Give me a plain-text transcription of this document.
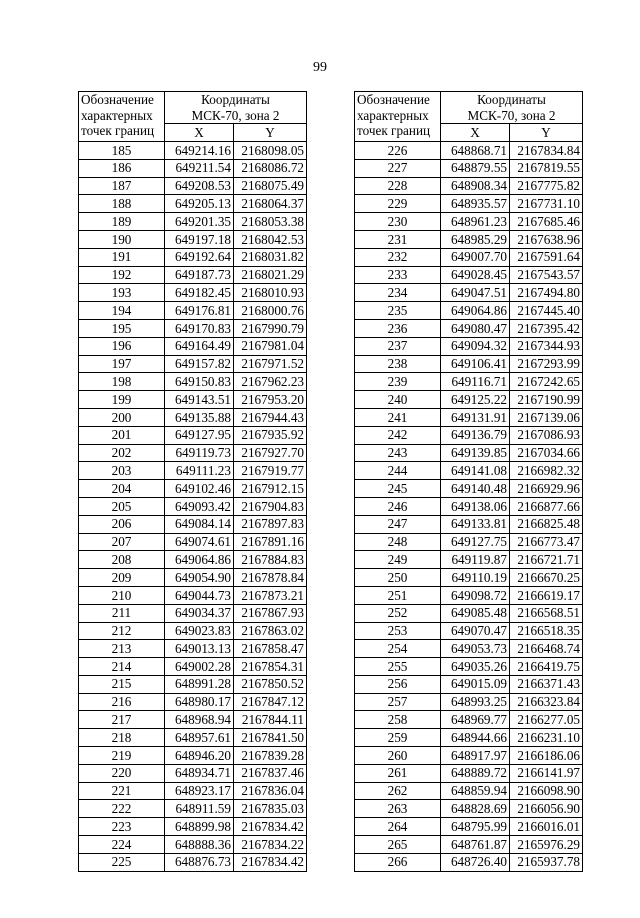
99
Обозначение
характерных
точек границ	Координаты
МСК-70, зона 2	
	X	Y
185	649214.16	2168098.05
186	649211.54	2168086.72
187	649208.53	2168075.49
188	649205.13	2168064.37
189	649201.35	2168053.38
190	649197.18	2168042.53
191	649192.64	2168031.82
192	649187.73	2168021.29
193	649182.45	2168010.93
194	649176.81	2168000.76
195	649170.83	2167990.79
196	649164.49	2167981.04
197	649157.82	2167971.52
198	649150.83	2167962.23
199	649143.51	2167953.20
200	649135.88	2167944.43
201	649127.95	2167935.92
202	649119.73	2167927.70
203	649111.23	2167919.77
204	649102.46	2167912.15
205	649093.42	2167904.83
206	649084.14	2167897.83
207	649074.61	2167891.16
208	649064.86	2167884.83
209	649054.90	2167878.84
210	649044.73	2167873.21
211	649034.37	2167867.93
212	649023.83	2167863.02
213	649013.13	2167858.47
214	649002.28	2167854.31
215	648991.28	2167850.52
216	648980.17	2167847.12
217	648968.94	2167844.11
218	648957.61	2167841.50
219	648946.20	2167839.28
220	648934.71	2167837.46
221	648923.17	2167836.04
222	648911.59	2167835.03
223	648899.98	2167834.42
224	648888.36	2167834.22
225	648876.73	2167834.42
Обозначение
характерных
точек границ	Координаты
МСК-70, зона 2	
	X	Y
226	648868.71	2167834.84
227	648879.55	2167819.55
228	648908.34	2167775.82
229	648935.57	2167731.10
230	648961.23	2167685.46
231	648985.29	2167638.96
232	649007.70	2167591.64
233	649028.45	2167543.57
234	649047.51	2167494.80
235	649064.86	2167445.40
236	649080.47	2167395.42
237	649094.32	2167344.93
238	649106.41	2167293.99
239	649116.71	2167242.65
240	649125.22	2167190.99
241	649131.91	2167139.06
242	649136.79	2167086.93
243	649139.85	2167034.66
244	649141.08	2166982.32
245	649140.48	2166929.96
246	649138.06	2166877.66
247	649133.81	2166825.48
248	649127.75	2166773.47
249	649119.87	2166721.71
250	649110.19	2166670.25
251	649098.72	2166619.17
252	649085.48	2166568.51
253	649070.47	2166518.35
254	649053.73	2166468.74
255	649035.26	2166419.75
256	649015.09	2166371.43
257	648993.25	2166323.84
258	648969.77	2166277.05
259	648944.66	2166231.10
260	648917.97	2166186.06
261	648889.72	2166141.97
262	648859.94	2166098.90
263	648828.69	2166056.90
264	648795.99	2166016.01
265	648761.87	2165976.29
266	648726.40	2165937.78
